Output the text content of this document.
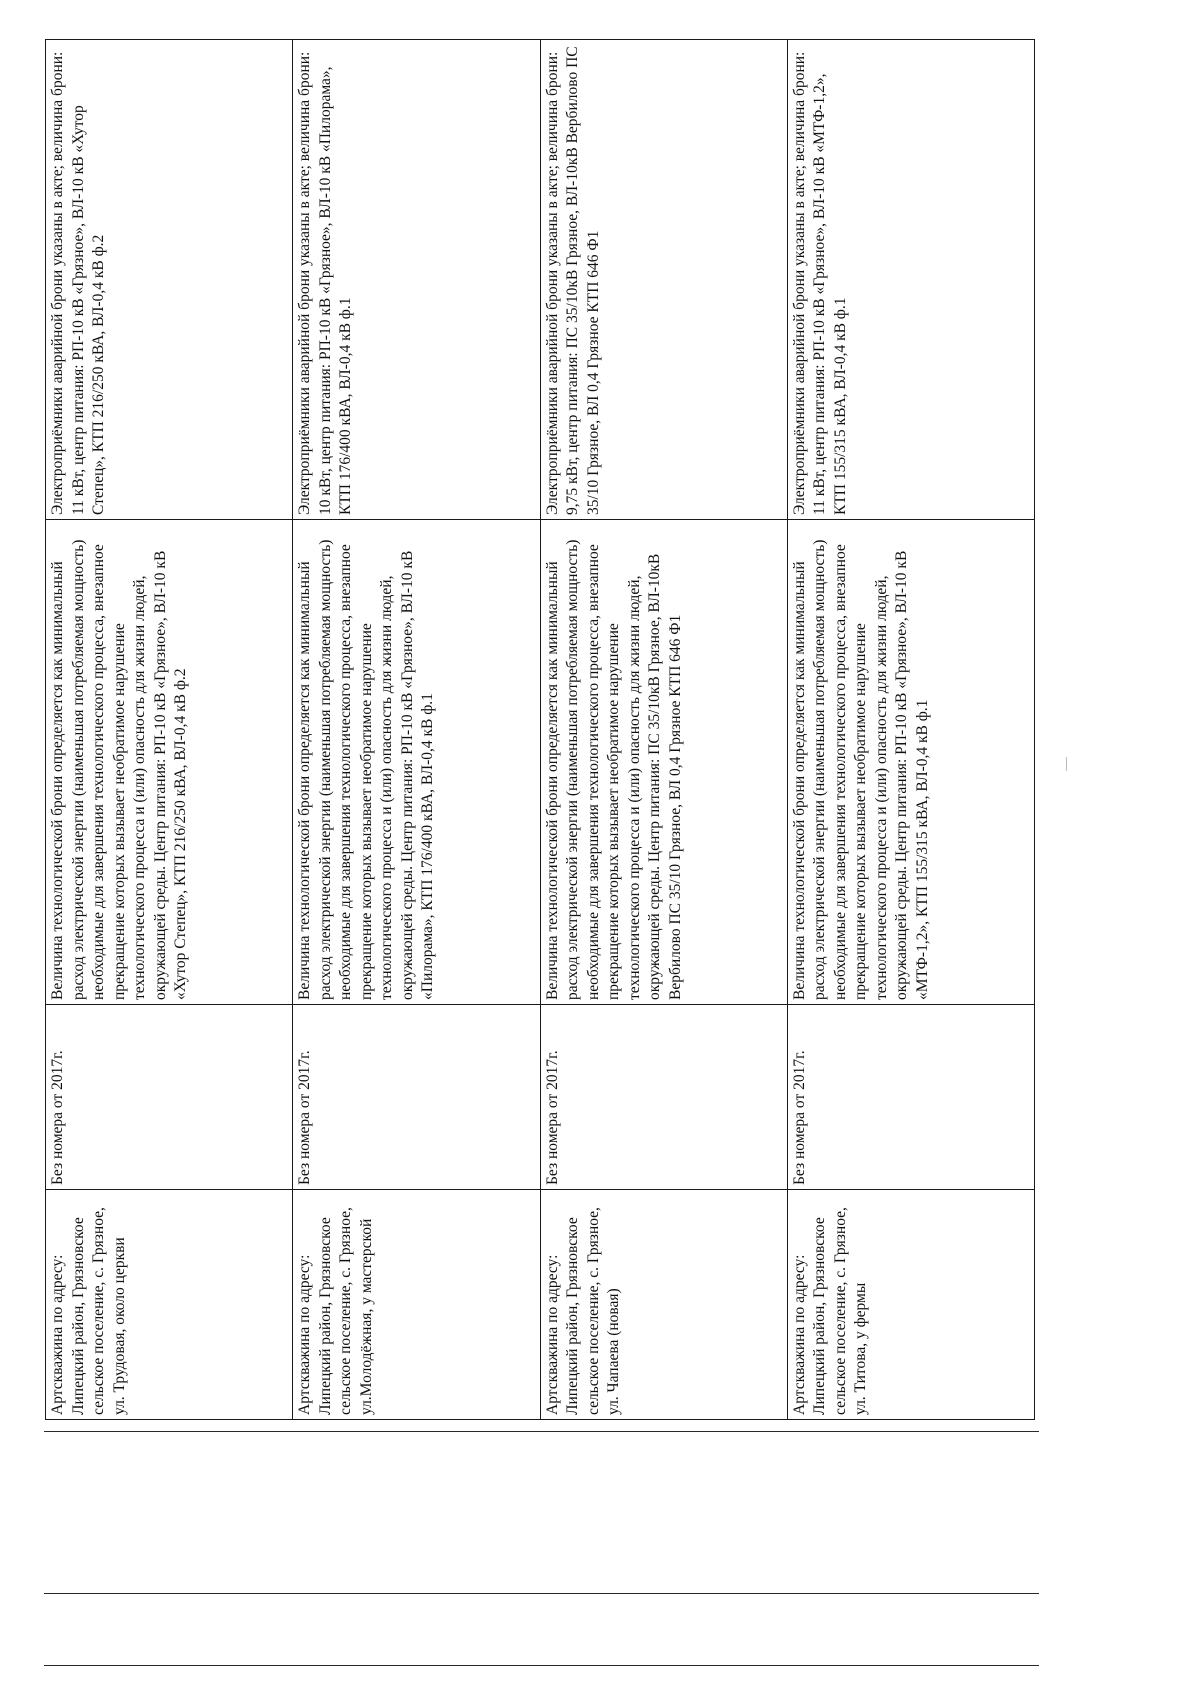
Артскважина по адресу: Липецкий район, Грязновское сельское поселение, с. Грязное, ул. Трудовая, около церкви	Без номера от 2017г.	Величина технологической брони определяется как минимальный расход электрической энергии (наименьшая потребляемая мощность) необходимые для завершения технологического процесса, внезапное прекращение которых вызывает необратимое нарушение технологического процесса и (или) опасность для жизни людей, окружающей среды. Центр питания: РП-10 кВ «Грязное», ВЛ-10 кВ «Хутор Степец», КТП 216/250 кВА, ВЛ-0,4 кВ ф.2	Электроприёмники аварийной брони указаны в акте; величина брони: 11 кВт, центр питания: РП-10 кВ «Грязное», ВЛ-10 кВ «Хутор Степец», КТП 216/250 кВА, ВЛ-0,4 кВ ф.2
Артскважина по адресу: Липецкий район, Грязновское сельское поселение, с. Грязное, ул.Молодёжная, у мастерской	Без номера от 2017г.	Величина технологической брони определяется как минимальный расход электрической энергии (наименьшая потребляемая мощность) необходимые для завершения технологического процесса, внезапное прекращение которых вызывает необратимое нарушение технологического процесса и (или) опасность для жизни людей, окружающей среды. Центр питания: РП-10 кВ «Грязное», ВЛ-10 кВ «Пилорама», КТП 176/400 кВА, ВЛ-0,4 кВ ф.1	Электроприёмники аварийной брони указаны в акте; величина брони: 10 кВт, центр питания: РП-10 кВ «Грязное», ВЛ-10 кВ «Пилорама», КТП 176/400 кВА, ВЛ-0,4 кВ ф.1
Артскважина по адресу: Липецкий район, Грязновское сельское поселение, с. Грязное, ул. Чапаева (новая)	Без номера от 2017г.	Величина технологической брони определяется как минимальный расход электрической энергии (наименьшая потребляемая мощность) необходимые для завершения технологического процесса, внезапное прекращение которых вызывает необратимое нарушение технологического процесса и (или) опасность для жизни людей, окружающей среды. Центр питания: ПС 35/10кВ Грязное, ВЛ-10кВ Вербилово ПС 35/10 Грязное, ВЛ 0,4 Грязное КТП 646 Ф1	Электроприёмники аварийной брони указаны в акте; величина брони: 9,75 кВт, центр питания: ПС 35/10кВ Грязное, ВЛ-10кВ Вербилово ПС 35/10 Грязное, ВЛ 0,4 Грязное КТП 646 Ф1
Артскважина по адресу: Липецкий район, Грязновское сельское поселение, с. Грязное, ул. Титова, у фермы	Без номера от 2017г.	Величина технологической брони определяется как минимальный расход электрической энергии (наименьшая потребляемая мощность) необходимые для завершения технологического процесса, внезапное прекращение которых вызывает необратимое нарушение технологического процесса и (или) опасность для жизни людей, окружающей среды. Центр питания: РП-10 кВ «Грязное», ВЛ-10 кВ «МТФ-1,2», КТП 155/315 кВА, ВЛ-0,4 кВ ф.1	Электроприёмники аварийной брони указаны в акте; величина брони: 11 кВт, центр питания: РП-10 кВ «Грязное», ВЛ-10 кВ «МТФ-1,2», КТП 155/315 кВА, ВЛ-0,4 кВ ф.1
